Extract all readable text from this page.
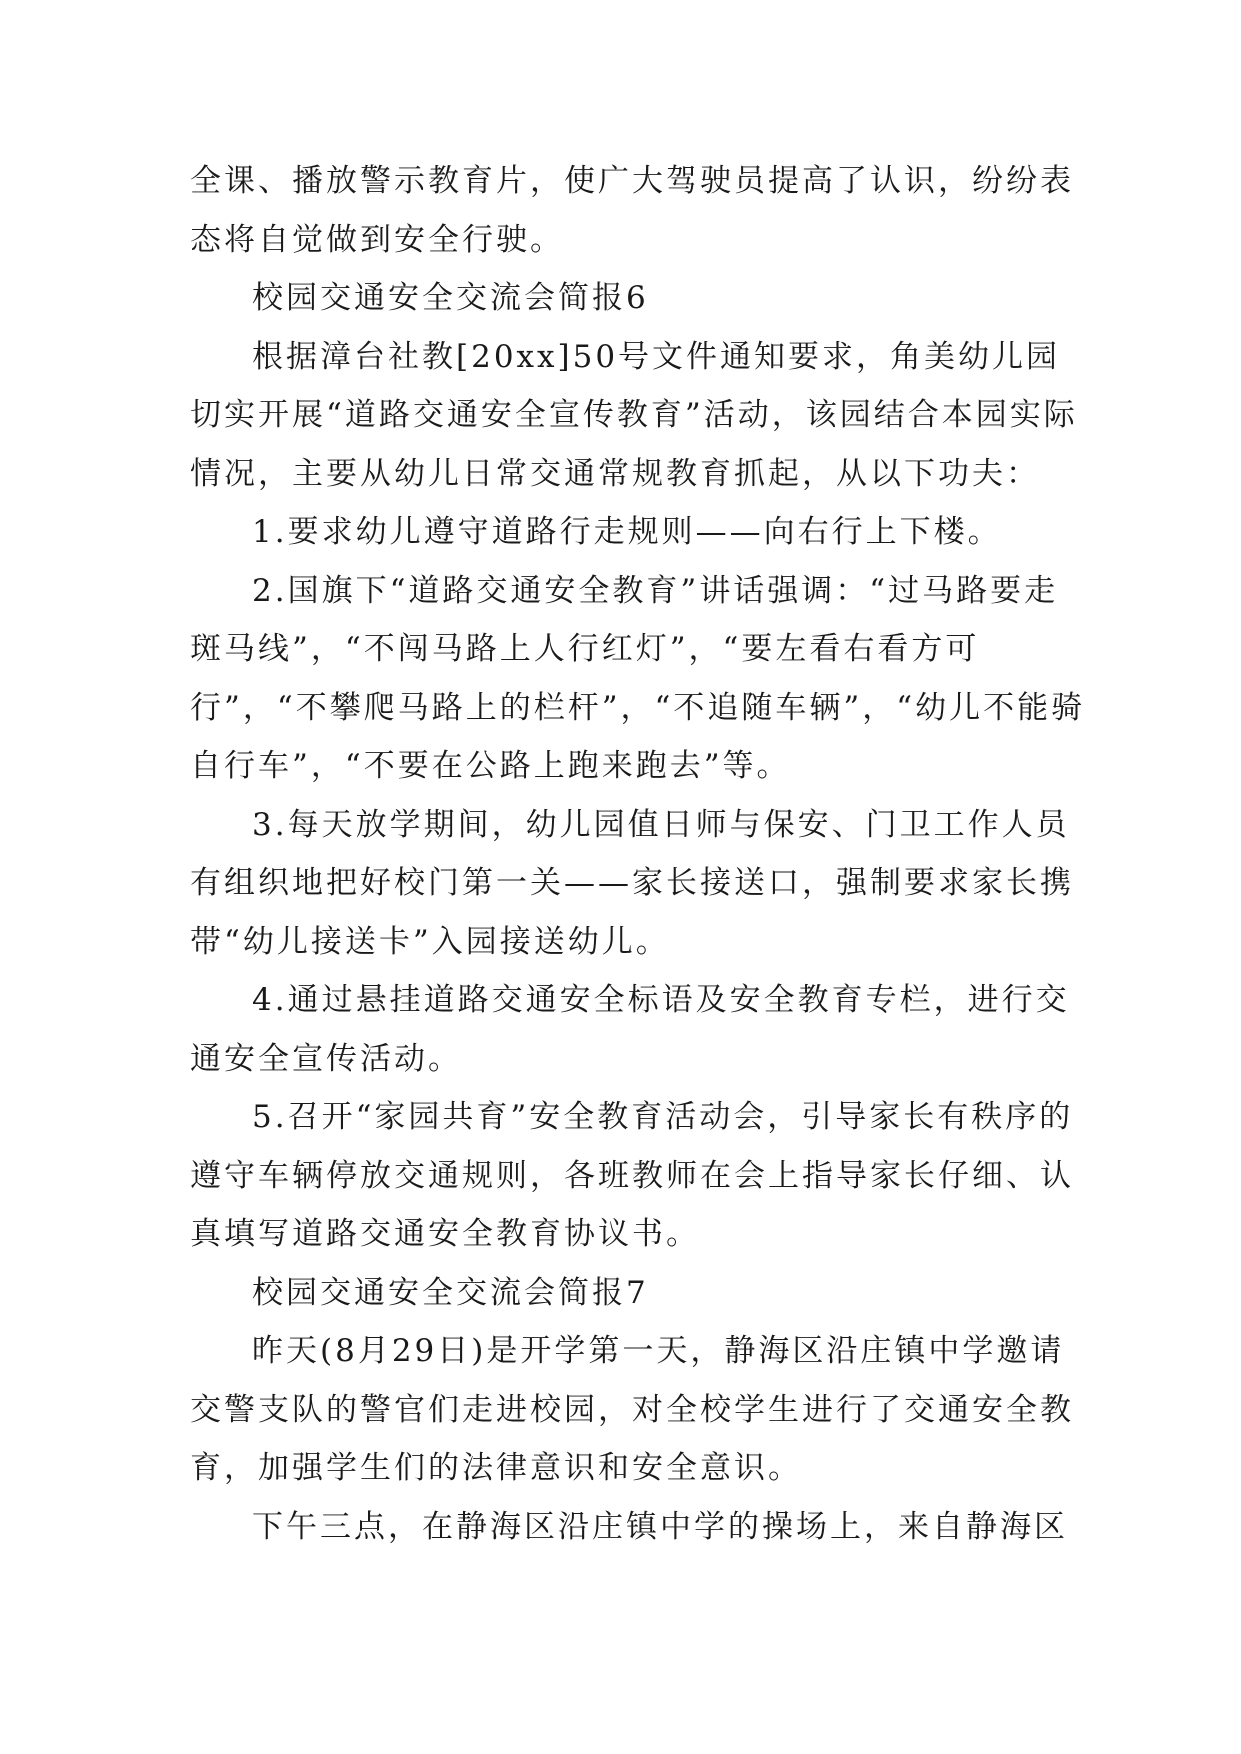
全课、播放警示教育片，使广大驾驶员提高了认识，纷纷表态将自觉做到安全行驶。

校园交通安全交流会简报6

根据漳台社教[20xx]50号文件通知要求，角美幼儿园切实开展“道路交通安全宣传教育”活动，该园结合本园实际情况，主要从幼儿日常交通常规教育抓起，从以下功夫：

1.要求幼儿遵守道路行走规则——向右行上下楼。

2.国旗下“道路交通安全教育”讲话强调：“过马路要走斑马线”，“不闯马路上人行红灯”，“要左看右看方可行”，“不攀爬马路上的栏杆”，“不追随车辆”，“幼儿不能骑自行车”，“不要在公路上跑来跑去”等。

3.每天放学期间，幼儿园值日师与保安、门卫工作人员有组织地把好校门第一关——家长接送口，强制要求家长携带“幼儿接送卡”入园接送幼儿。

4.通过悬挂道路交通安全标语及安全教育专栏，进行交通安全宣传活动。

5.召开“家园共育”安全教育活动会，引导家长有秩序的遵守车辆停放交通规则，各班教师在会上指导家长仔细、认真填写道路交通安全教育协议书。

校园交通安全交流会简报7

昨天(8月29日)是开学第一天，静海区沿庄镇中学邀请交警支队的警官们走进校园，对全校学生进行了交通安全教育，加强学生们的法律意识和安全意识。

下午三点，在静海区沿庄镇中学的操场上，来自静海区
